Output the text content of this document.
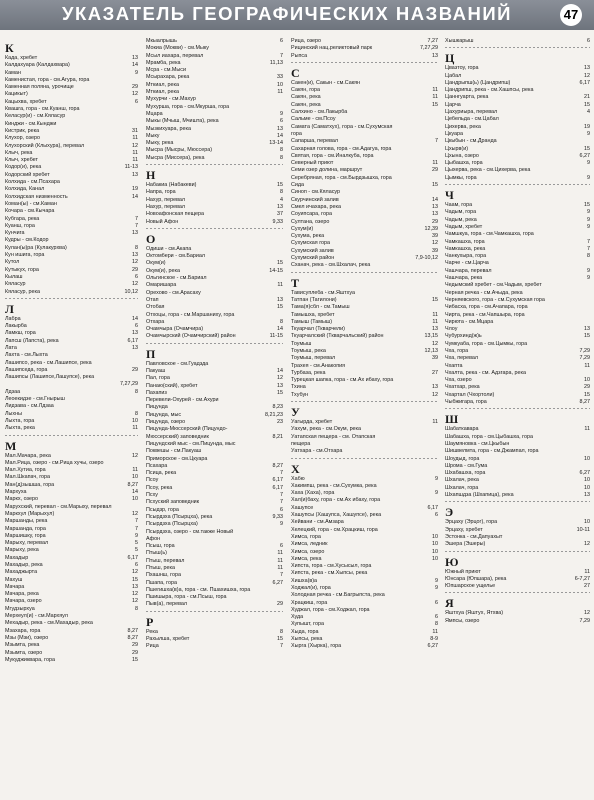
УКАЗАТЕЛЬ ГЕОГРАФИЧЕСКИХ НАЗВАНИЙ	47
К
Када, хребет	13
Калдахуара (Калдахвара)	14
Каман	9
Каменистая, гора - см.Агура, гора
Каменная поляна, урочище	29
Кацикыт)	12
Кацыхва, хребет	6
Квашга, гора - см.Куанш, гора
Келасур(и) - см.Кяласур
Кинджи - см.Кынджи
Кистрик, река	31
Клухор, озеро	11
Клухорский (Клыхура), перевал	12
Клыч, река	11
Клыч, хребет	11
Кодор(и), река	11-13
Кодорский хребет	13
Колхида - см.Псахара
Колхида, Канал	19
Колхидская низменность	14
Коман(ы) - см.Каман
Кочара - см.Кычара
Кубгара, река	7
Куанш, гора	7
Кунчига	13
Кудры - см.Кодор
Кулан(ы)ра (Кулакурхва)	8
Кун ишига, гора	13
Кутол	12
Кутыкух, гора	29
Кылаш	6
Кяласур	12
Кяласур, река	10,12
Л
Лабра	14
Лакырба	6
Ламкш, гора	13
Лапсш (Лапста), река	6,17
Лата	13
Лахта - см.Лыхта
Лашипсо, река - см.Лашипсе, река
Лашипседа, гора	29
Лашипсы (Лашипсе,Лашупсе), река
7,27,29
Лдзаа	8
Леоекидзе - см.Гнырыш
Лидзава - см.Лдзаа
Лыхны	8
Лыхта, гора	10
Лыхта, река	11
М
Мал.Мачара, река	12
Мал.Рица, озеро - см.Рица хучы, озеро
Мал.Хутиа, гора	11
Мал.Шкапач, гора	10
Ман(д)зышша, гора	8,27
Мархуха	14
Маркх, озеро	10
Марухский, перевал - см.Марыху, перевал
Маркхул (Марыхул)	12
Маршанды, река	7
Маршанда, гора	7
Маршишку, гора	9
Марыху, перевал	5
Марыху, река	5
Махадыр	6,17
Махадыр, река	6
Махаджырта	12
Махуш	15
Мачара	13
Мачара, река	12
Мачара, озеро	12
Мгудзырхуа	8
Мерхеул(и) - см.Мархяул
Мехадыр, река - см.Махадыр, река
Мзахара, гора	8,27
Мзы (Мзи), озеро	8,27
Мзымта, река	29
Мзымта, озеро	29
Мукуджиквара, гора	15
Мкыалрышь	6
Мокиа (Мокви) - см.Мыку
Мсыл иахара, перевал	7
Мрамба, река	11,13
Мсра - см.Мыси
Мсырахара, река	33
Мткиал, река	10
Мткиал, река	11
Мухурчи - см.Махур
Мухурша, гора - см.Мкурша, гора
Мцара	9
Мыкы (Мчыш, Мчишта), река	6
Мызкихуара, река	13
Мыку	14
Мыку, река	13-14
Мысра (Мысры, Мюссера)	8
Мысра (Миссера), река	8
Н
Набакиа (Набакеви)	15
Напра, гора	8
Нахур, перевал	4
Нахур, перевал	13
Новоафонская пещера	37
Новый Афон	9,33
О
Одиши - см.Акапа
Октомбери - см.Бариал
Окум(и)	15
Окум(и), река	14-15
Ольгинское - см.Бариал
Омаришара	11
Орехово - см.Арасаху
Отап	13
Отобая	15
Отхоцы, гора - см.Маршаниху, гора
Отхара	8
Очамчыра (Очамчира)	14
Очамчырский (Очамчирский) район	11-15
П
Павловское - см.Гуадзда
Пакуаш	14
Пал, гора	12
Панаю(ский), хребет	13
Пахапиз	15
Перевели-Охурей - см.Ахури
Пицунда	8,23
Пицунда, мыс	8,21,23
Пицунда, озеро	23
Пицунда-Мюссерский (Пицундо-
Мюссерский) заповедник	8,21
Пицундский мыс - см.Пицунда, мыс
Поквешы - см.Пакуаш
Приморское - см.Цкуара
Псахара	8,27
Псица, река	7
Псоу	6,17
Псоу, река	6,17
Псху	7
Псхуский заповедник	7
Псыдзр, гора	6
Псырдзха (Псырцха), река	9,33
Псырдзха (Псырцха)	9
Псырдзха, озеро - см.также Новый
Афон
Псыш, гора	6
Птыш(ь)	11
Птыш, перевал	11
Птыш, река	11
Пхашнш, гора	7
Пшапа, гора	6,27
Пшегишха(в)а, гора - см. Пшахишха, гора
Пшишыра, гора - см.Псыш, гора
Пыв(а), перевал	29
Р
Река	8
Рахылша, хребет	15
Рица	7
Рица, озеро	7,27
Рицинский нац.реликтовый парк	7,27,29
Рыпса	13
С
Сакен(и), Сакын - см.Сакян
Сакян, гора	11
Сакян, река	11
Сакян, река	15
Салхино - см.Лакырба
Сальме - см.Псоу
Самата (Саматхух), гора - см.Сухумская
гора
Сапарша, перевал	7
Сахарная голова, гора - см.Адагуа, гора
Святая, гора - см.Иналкуба, гора
Северный приют	11
Семи озер долина, маршрут	29
Серебряная, гора - см.Бырдзышха, гора
Сида	15
Синоп - см.Кяласур
Скурчинский залив	14
Смел ичахара, река	13
Соуипсара, гора	13
Султана, озеро	29
Сухум(и)	12,39
Сухума, река	39
Сухумская гора	12
Сухумский залив	39
Сухумский район	7,9-10,12
Сханач, река - см.Шхалач, река
Т
Тависуплеба - см.Яштхуа
Татпан (Тагилони)	15
Тама(я)сбл - см.Тамыш
Тамышха, хребет	11
Тамыш (Тамыш)	11
Ткуарчал (Ткварчели)	13
Ткуарчалский (Ткварчальский) район	13,15
Тоумыш	12
Тоумыш, река	12,13
Тоумыш, перевал	39
Трахея - см.Анакопия
Турбаза, река	27
Турецкая шапка, гора - см.Ах ибаху, гора
Тхина	13
Тхубун	12
У
Уагырда, хребет	11
Уахум, река - см.Окум, река
Уатапская пещера - см. Отапская
пещера
Уатхара - см.Отхара
Х
Хабю	9
Хакимпш, река - см.Сухумка, река
Хаха (Хаха), гора	9
Хал(и)баху, гора - см.Ах ибаху, гора
Хашупсе	6,17
Хашупсы (Хашупса, Хашупсе), река	6
Хейвани - см.Амзара
Хелецкий, гора - см.Храцкиш, гора
Химса, гора	10
Химса, ледник	10
Химса, озеро	10
Химса, река	10
Хипста, гора - см.Хусысыл, гора
Хипста, река - см.Хыпсы, река
Хишха(в)а	9
Ходжал(и), гора	9
Холодная речка - см.Багрыпста, река
Храцкиш, гора	6
Худжал, гора - см.Ходжал, гора
Худа	6
Хупышт, гора	8
Хыда, гора	11
Хыпсы, река	8-9
Хырга (Хырка), гора	6,27
Хышкарыш	6
Ц
Цвазтоу, гора	13
Цабал	12
Цандрыпш(ь) (Цандрипш)	6,17
Цандрипш, река - см.Хашпсы, река
Цаннгуарта, река	21
Царча	15
Цахуриыра, перевал	4
Цебельда - см.Цабал
Цихерва, река	19
Цкуара	9
Цкыбын - см.Дранда
Цхырв(и)	15
Цхына, озеро	6,27
Цыбашха, гора	9
Цыхерва, река - см.Цихерва, река
Цымкы, гора	9
Ч
Чаам, гора	15
Чадым, гора	9
Чадым, река	9
Чадым, хребет	9
Чамшкуа, гора - см.Чамкашха, гора
Чамкашха, гора	7
Чамкашха, река	7
Чанкухыра, гора	8
Чарче - см.Царча
Чашчара, перевал	9
Чашчара, река	9
Чедымский хребет - см.Чадым, хребет
Черная речка - см.Ачыда, река
Черняевского, гора - см.Сухумская гора
Чибасха, гора - см.Ачапара, гора
Чирта, река - см.Чапшыра, гора
Чирюта - см.Мцара
Члоу	13
Чубурхинд(ж)ь	15
Чумкуаба, гора - см.Цымкы, гора
Чха, гора	7,29
Чха, перевал	7,29
Чхапта	11
Чхалта, река - см. Адзгара, река
Чха, озеро	10
Чхатхар, река	29
Чхартал (Чхортоли)	15
Чыбжигара, гора	8,27
Ш
Шабаткавара	11
Шабашха, гора - см.Цыбашха, гора
Шаумяновка - см.Цкыбын
Шишвелмта, гора - см.Джампал, гора
Шоудыд, гора	10
Шрома - см.Гума
Шхабашха, гора	6,27
Шхалач, река	10
Шхалач, гора	10
Шхапшдза (Шхапица), река	13
Э
Эрцаху (Эрцог), гора	10
Эрцаху, хребет	10-11
Эстонка - см.Дапуахыт
Эшера (Эшеры)	12
Ю
Южный приют	11
Юнсара (Юпшара), река	6-7,27
Юпшарское ущелье	27
Я
Яштхуа (Яштух, Ятхва)	12
Ямпсы, озеро	7,29
